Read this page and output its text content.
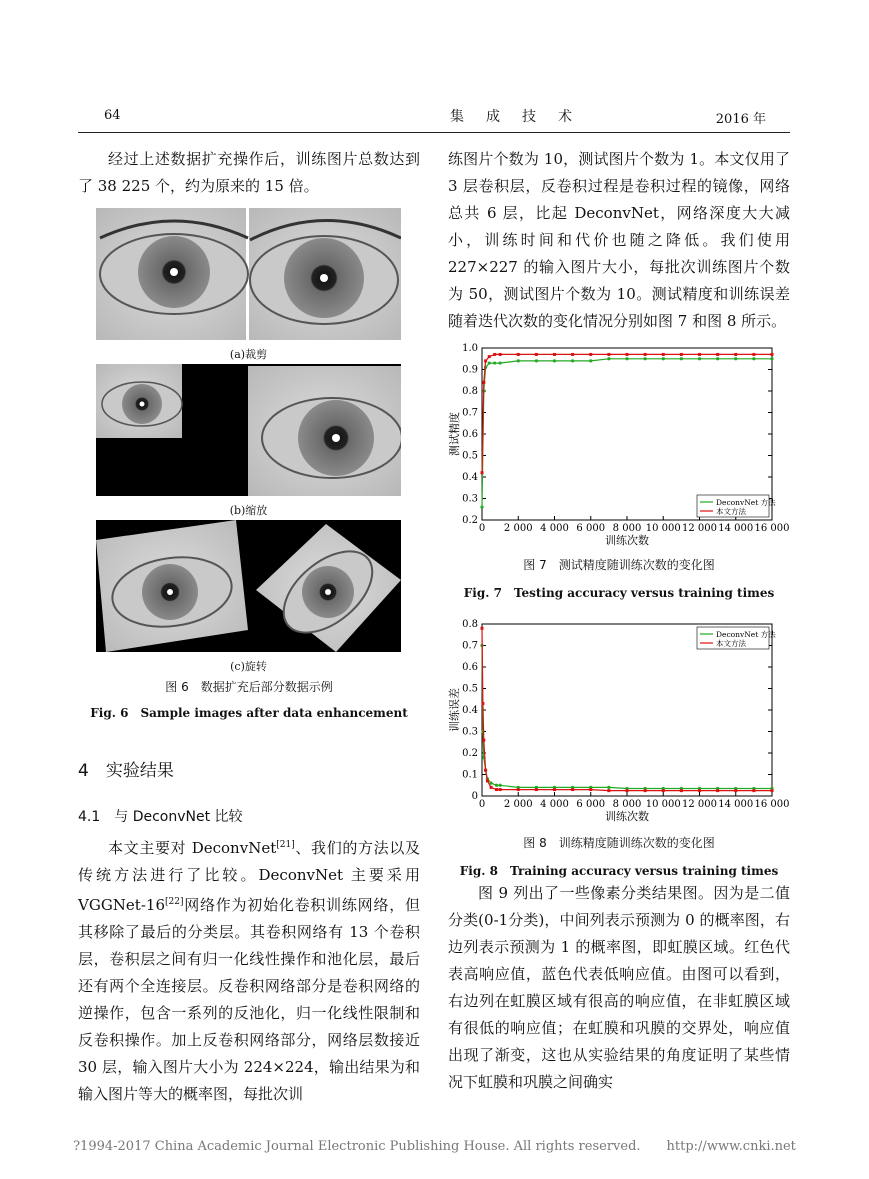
64	集成技术	2016 年

经过上述数据扩充操作后，训练图片总数达到了 38 225 个，约为原来的 15 倍。

(a)裁剪
(b)缩放
(c)旋转
图 6　数据扩充后部分数据示例
Fig. 6　Sample images after data enhancement
4　实验结果
4.1　与 DeconvNet 比较

本文主要对 DeconvNet[21]、我们的方法以及传统方法进行了比较。DeconvNet 主要采用 VGGNet-16[22]网络作为初始化卷积训练网络，但其移除了最后的分类层。其卷积网络有 13 个卷积层，卷积层之间有归一化线性操作和池化层，最后还有两个全连接层。反卷积网络部分是卷积网络的逆操作，包含一系列的反池化，归一化线性限制和反卷积操作。加上反卷积网络部分，网络层数接近 30 层，输入图片大小为 224×224，输出结果为和输入图片等大的概率图，每批次训

练图片个数为 10，测试图片个数为 1。本文仅用了 3 层卷积层，反卷积过程是卷积过程的镜像，网络总共 6 层，比起 DeconvNet，网络深度大大减小，训练时间和代价也随之降低。我们使用 227×227 的输入图片大小，每批次训练图片个数为 50，测试图片个数为 10。测试精度和训练误差随着迭代次数的变化情况分别如图 7 和图 8 所示。

0 2 000 4 000 6 000 8 000 10 000 12 000 14 000 16 000
0.2
0.3
0.4
0.5
0.6
0.7
0.8
0.9
1.0
训练次数
测试精度
DeconvNet 方法
本文方法
图 7　测试精度随训练次数的变化图
Fig. 7　Testing accuracy versus training times
0 2 000 4 000 6 000 8 000 10 000 12 000 14 000 16 000
0
0.1
0.2
0.3
0.4
0.5
0.6
0.7
0.8
训练次数
训练误差
DeconvNet 方法
本文方法
图 8　训练精度随训练次数的变化图
Fig. 8　Training accuracy versus training times

图 9 列出了一些像素分类结果图。因为是二值分类(0-1分类)，中间列表示预测为 0 的概率图，右边列表示预测为 1 的概率图，即虹膜区域。红色代表高响应值，蓝色代表低响应值。由图可以看到，右边列在虹膜区域有很高的响应值，在非虹膜区域有很低的响应值；在虹膜和巩膜的交界处，响应值出现了渐变，这也从实验结果的角度证明了某些情况下虹膜和巩膜之间确实

?1994-2017 China Academic Journal Electronic Publishing House. All rights reserved.　　http://www.cnki.net
